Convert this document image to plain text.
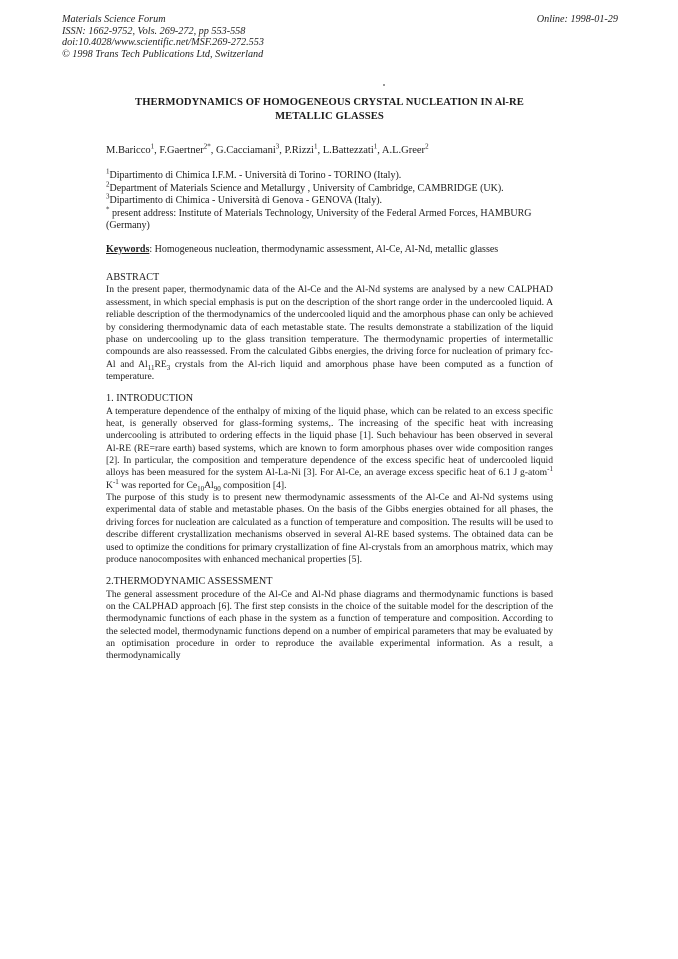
Materials Science Forum
ISSN: 1662-9752, Vols. 269-272, pp 553-558
doi:10.4028/www.scientific.net/MSF.269-272.553
© 1998 Trans Tech Publications Ltd, Switzerland
Online: 1998-01-29
THERMODYNAMICS OF HOMOGENEOUS CRYSTAL NUCLEATION IN Al-RE
METALLIC GLASSES
M.Baricco$^1$, F.Gaertner$^{2*}$, G.Cacciamani$^3$, P.Rizzi$^1$, L.Battezzati$^1$, A.L.Greer$^2$
$^1$Dipartimento di Chimica I.F.M. - Università di Torino - TORINO (Italy).
$^2$Department of Materials Science and Metallurgy , University of Cambridge, CAMBRIDGE (UK).
$^3$Dipartimento di Chimica - Università di Genova - GENOVA (Italy).
* present address: Institute of Materials Technology, University of the Federal Armed Forces, HAMBURG (Germany)
Keywords: Homogeneous nucleation, thermodynamic assessment, Al-Ce, Al-Nd, metallic glasses
ABSTRACT

In the present paper, thermodynamic data of the Al-Ce and the Al-Nd systems are analysed by a new CALPHAD assessment, in which special emphasis is put on the description of the short range order in the undercooled liquid. A reliable description of the thermodynamics of the undercooled liquid and the amorphous phase can only be achieved by considering thermodynamic data of each metastable state. The results demonstrate a stabilization of the liquid phase on undercooling up to the glass transition temperature. The thermodynamic properties of intermetallic compounds are also reassessed. From the calculated Gibbs energies, the driving force for nucleation of primary fcc-Al and $Al_{11}RE_3$ crystals from the Al-rich liquid and amorphous phase have been computed as a function of temperature.

1. INTRODUCTION

A temperature dependence of the enthalpy of mixing of the liquid phase, which can be related to an excess specific heat, is generally observed for glass-forming systems,. The increasing of the specific heat with increasing undercooling is attributed to ordering effects in the liquid phase [1]. Such behaviour has been observed in several Al-RE (RE=rare earth) based systems, which are known to form amorphous phases over wide composition ranges [2]. In particular, the composition and temperature dependence of the excess specific heat of undercooled liquid alloys has been measured for the system Al-La-Ni [3]. For Al-Ce, an average excess specific heat of 6.1 J g-atom$^{-1}$ $K^{-1}$ was reported for $Ce_{10}Al_{90}$ composition [4].

The purpose of this study is to present new thermodynamic assessments of the Al-Ce and Al-Nd systems using experimental data of stable and metastable phases. On the basis of the Gibbs energies obtained for all phases, the driving forces for nucleation are calculated as a function of temperature and composition. The results will be used to describe different crystallization mechanisms observed in several Al-RE based systems. The obtained data can be used to optimize the conditions for primary crystallization of fine Al-crystals from an amorphous matrix, which may produce nanocomposites with enhanced mechanical properties [5].

2.THERMODYNAMIC ASSESSMENT

The general assessment procedure of the Al-Ce and Al-Nd phase diagrams and thermodynamic functions is based on the CALPHAD approach [6]. The first step consists in the choice of the suitable model for the description of the thermodynamic functions of each phase in the system as a function of temperature and composition. According to the selected model, thermodynamic functions depend on a number of empirical parameters that may be evaluated by an optimisation procedure in order to reproduce the available experimental information. As a result, a thermodynamically
